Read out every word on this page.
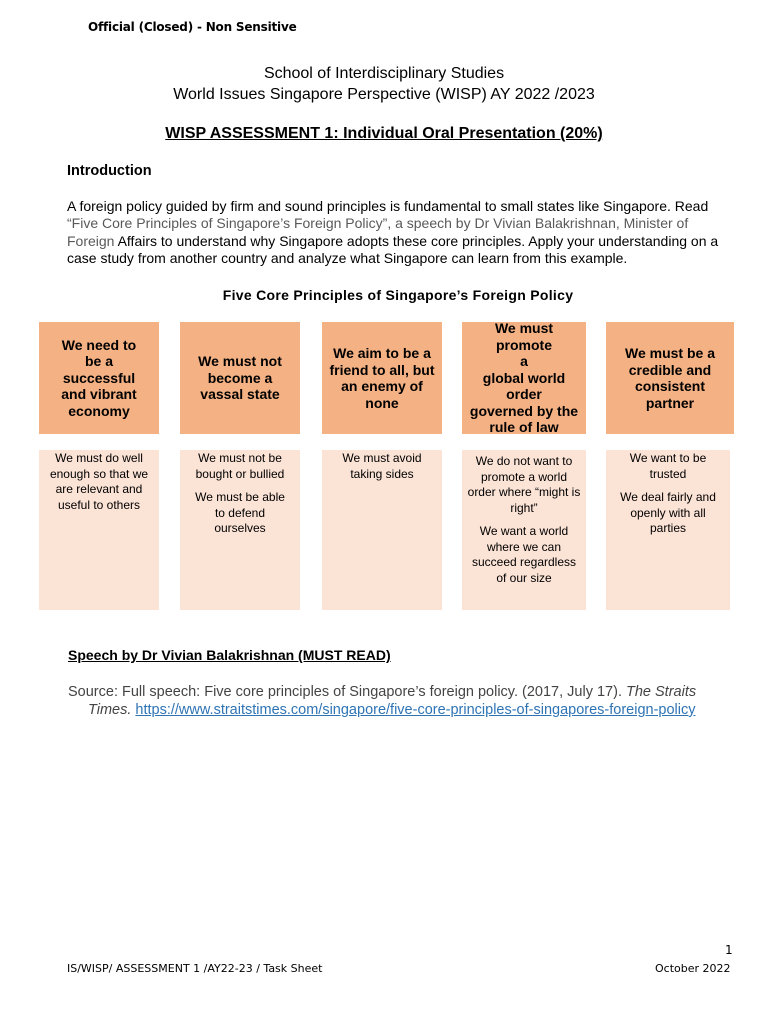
Official (Closed) - Non Sensitive
School of Interdisciplinary Studies
World Issues Singapore Perspective (WISP) AY 2022 /2023
WISP ASSESSMENT 1: Individual Oral Presentation (20%)
Introduction
A foreign policy guided by firm and sound principles is fundamental to small states like Singapore. Read “Five Core Principles of Singapore’s Foreign Policy”, a speech by Dr Vivian Balakrishnan, Minister of Foreign Affairs to understand why Singapore adopts these core principles. Apply your understanding on a case study from another country and analyze what Singapore can learn from this example.
Five Core Principles of Singapore’s Foreign Policy
We need to
be a
successful
and vibrant
economy
We must not
become a
vassal state
We aim to be a
friend to all, but
an enemy of
none
We must promote
a
global world
order
governed by the
rule of law
We must be a
credible and
consistent
partner

We must do well
enough so that we
are relevant and
useful to others

We must not be
bought or bullied

We must be able
to defend
ourselves

We must avoid
taking sides

We do not want to
promote a world
order where “might is
right”

We want a world
where we can
succeed regardless
of our size

We want to be
trusted

We deal fairly and
openly with all
parties

Speech by Dr Vivian Balakrishnan (MUST READ)
Source: Full speech: Five core principles of Singapore’s foreign policy. (2017, July 17). The Straits
Times. https://www.straitstimes.com/singapore/five-core-principles-of-singapores-foreign-policy
1
IS/WISP/ ASSESSMENT 1 /AY22-23 / Task Sheet	October 2022
